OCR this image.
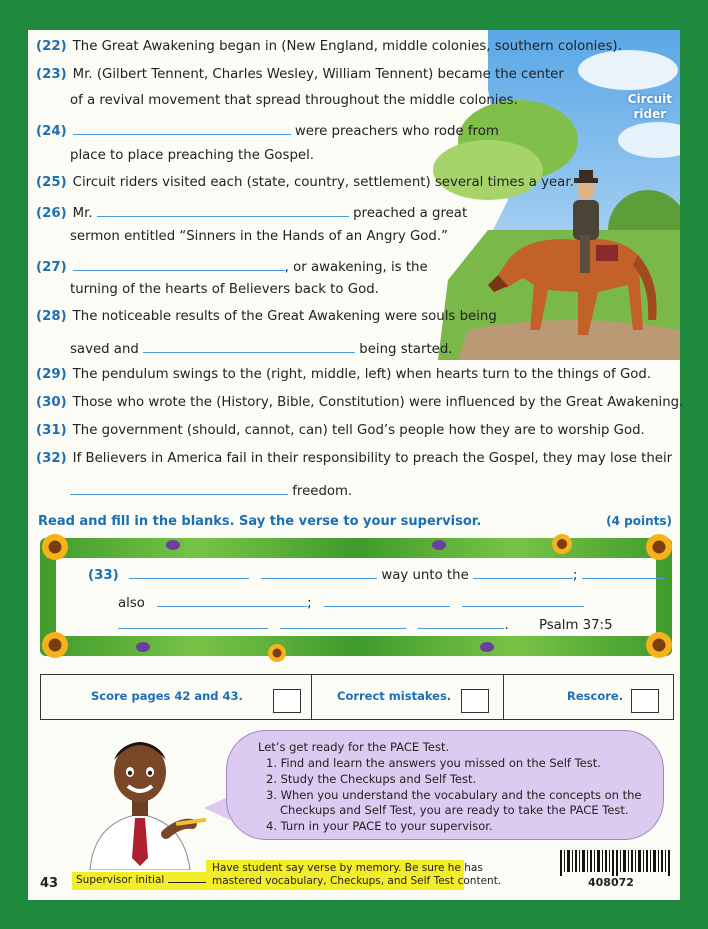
Circuit
rider
(22) The Great Awakening began in (New England, middle colonies, southern colonies).
(23) Mr. (Gilbert Tennent, Charles Wesley, William Tennent) became the center
of a revival movement that spread throughout the middle colonies.
(24)	were preachers who rode from
place to place preaching the Gospel.
(25) Circuit riders visited each (state, country, settlement) several times a year.
(26) Mr.	preached a great
sermon entitled “Sinners in the Hands of an Angry God.”
(27)	, or awakening, is the
turning of the hearts of Believers back to God.
(28) The noticeable results of the Great Awakening were souls being
saved and	being started.
(29) The pendulum swings to the (right, middle, left) when hearts turn to the things of God.
(30) Those who wrote the (History, Bible, Constitution) were influenced by the Great Awakening.
(31) The government (should, cannot, can) tell God’s people how they are to worship God.
(32) If Believers in America fail in their responsibility to preach the Gospel, they may lose their
freedom.
Read and fill in the blanks. Say the verse to your supervisor.	(4 points)
(33)	way unto the	;
also	;
. Psalm 37:5
Score pages 42 and 43.	Correct mistakes.	Rescore.
Let’s get ready for the PACE Test.
1. Find and learn the answers you missed on the Self Test.
2. Study the Checkups and Self Test.
3. When you understand the vocabulary and the concepts on the
Checkups and Self Test, you are ready to take the PACE Test.
4. Turn in your PACE to your supervisor.
43 Supervisor initial
Have student say verse by memory. Be sure he has
mastered vocabulary, Checkups, and Self Test content.	408072
